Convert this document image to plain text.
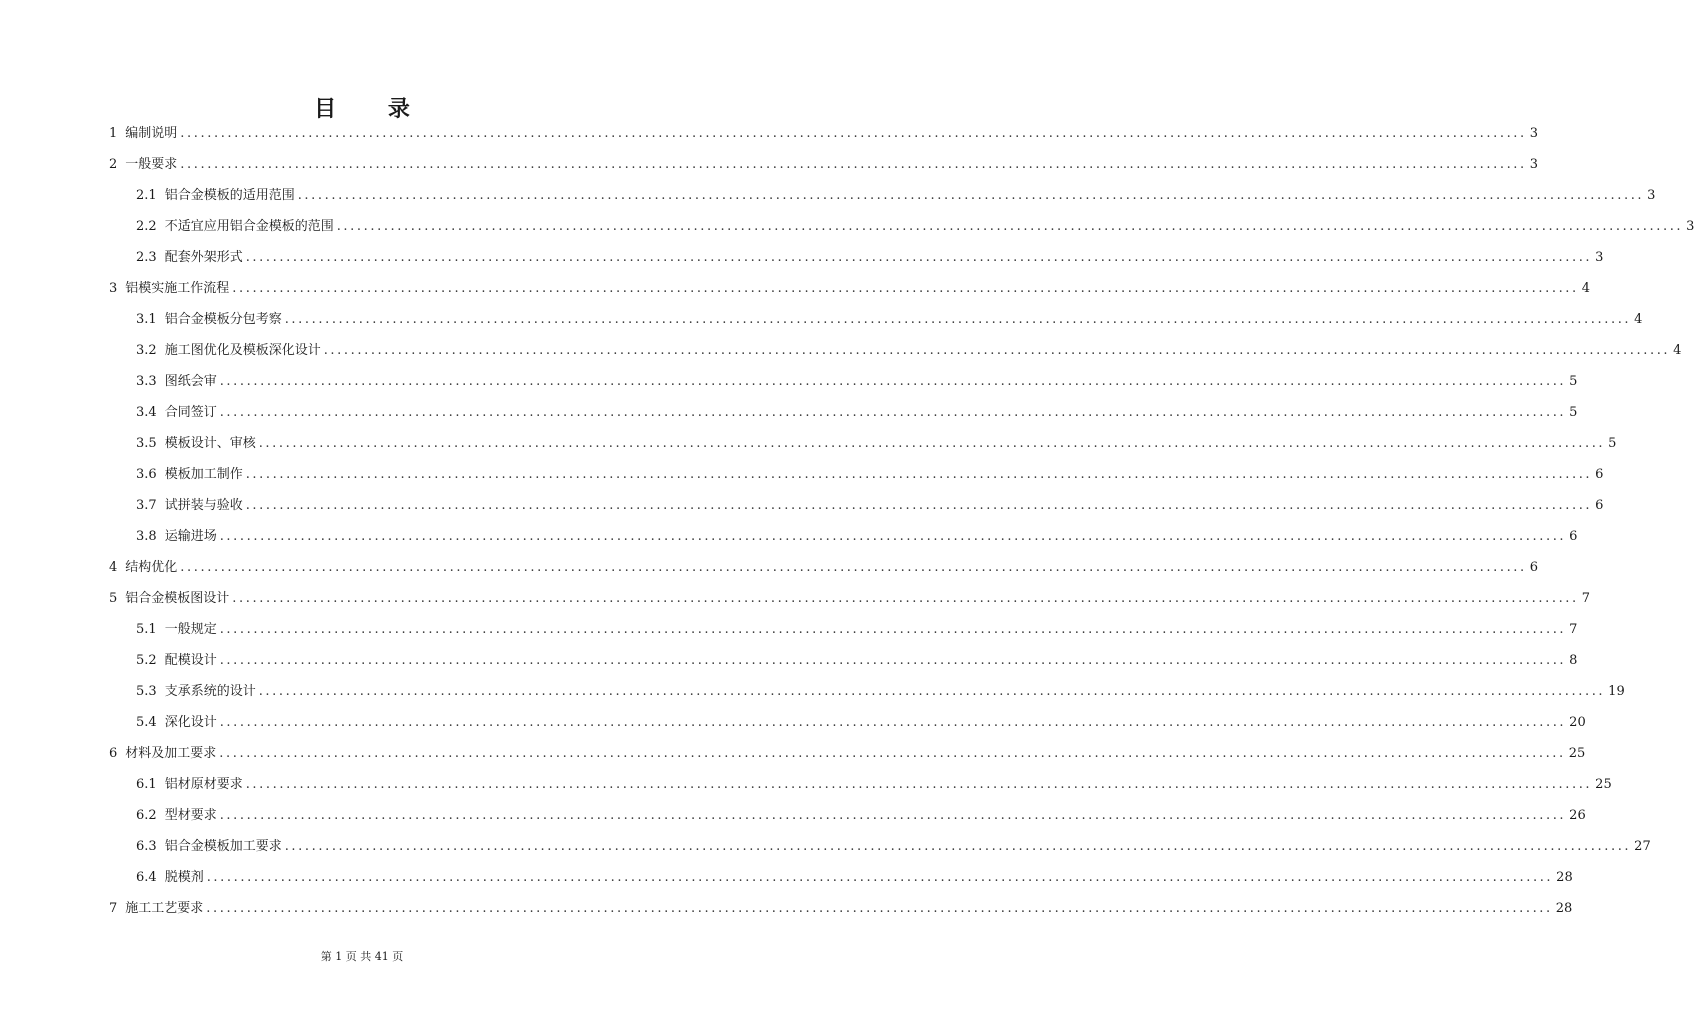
目 录
1 编制说明 ........................................................................................................................................................................................................ 3
2 一般要求 ........................................................................................................................................................................................................ 3
2.1 铝合金模板的适用范围 ........................................................................................................................................................................................................ 3
2.2 不适宜应用铝合金模板的范围 ........................................................................................................................................................................................................ 3
2.3 配套外架形式 ........................................................................................................................................................................................................ 3
3 铝模实施工作流程 ........................................................................................................................................................................................................ 4
3.1 铝合金模板分包考察 ........................................................................................................................................................................................................ 4
3.2 施工图优化及模板深化设计 ........................................................................................................................................................................................................ 4
3.3 图纸会审 ........................................................................................................................................................................................................ 5
3.4 合同签订 ........................................................................................................................................................................................................ 5
3.5 模板设计、审核 ........................................................................................................................................................................................................ 5
3.6 模板加工制作 ........................................................................................................................................................................................................ 6
3.7 试拼装与验收 ........................................................................................................................................................................................................ 6
3.8 运输进场 ........................................................................................................................................................................................................ 6
4 结构优化 ........................................................................................................................................................................................................ 6
5 铝合金模板图设计 ........................................................................................................................................................................................................ 7
5.1 一般规定 ........................................................................................................................................................................................................ 7
5.2 配模设计 ........................................................................................................................................................................................................ 8
5.3 支承系统的设计 ........................................................................................................................................................................................................ 19
5.4 深化设计 ........................................................................................................................................................................................................ 20
6 材料及加工要求 ........................................................................................................................................................................................................ 25
6.1 铝材原材要求 ........................................................................................................................................................................................................ 25
6.2 型材要求 ........................................................................................................................................................................................................ 26
6.3 铝合金模板加工要求 ........................................................................................................................................................................................................ 27
6.4 脱模剂 ........................................................................................................................................................................................................ 28
7 施工工艺要求 ........................................................................................................................................................................................................ 28
第 1 页 共 41 页
